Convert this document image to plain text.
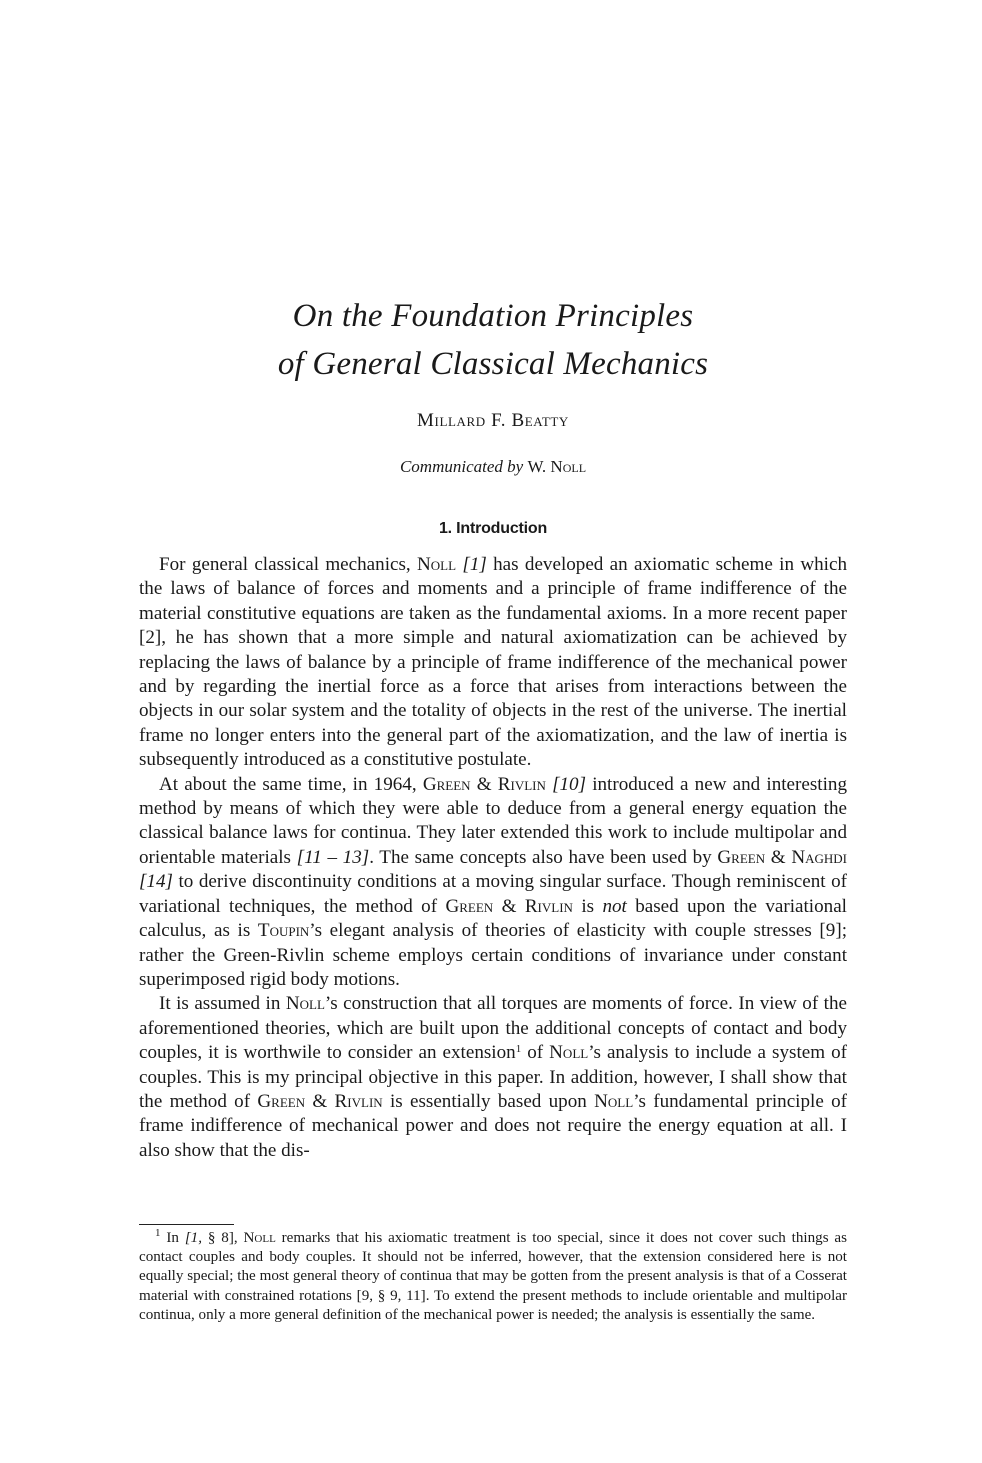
On the Foundation Principles
of General Classical Mechanics
Millard F. Beatty
Communicated by W. Noll
1. Introduction

For general classical mechanics, Noll [1] has developed an axiomatic scheme in which the laws of balance of forces and moments and a principle of frame indifference of the material constitutive equations are taken as the fundamental axioms. In a more recent paper [2], he has shown that a more simple and natural axiomatization can be achieved by replacing the laws of balance by a principle of frame indifference of the mechanical power and by regarding the inertial force as a force that arises from interactions between the objects in our solar system and the totality of objects in the rest of the universe. The inertial frame no longer enters into the general part of the axiomatization, and the law of inertia is subsequently introduced as a constitutive postulate.

At about the same time, in 1964, Green & Rivlin [10] introduced a new and interesting method by means of which they were able to deduce from a general energy equation the classical balance laws for continua. They later extended this work to include multipolar and orientable materials [11 – 13]. The same concepts also have been used by Green & Naghdi [14] to derive discontinuity conditions at a moving singular surface. Though reminiscent of variational techniques, the method of Green & Rivlin is not based upon the variational calculus, as is Toupin’s elegant analysis of theories of elasticity with couple stresses [9]; rather the Green-Rivlin scheme employs certain conditions of invariance under constant superimposed rigid body motions.

It is assumed in Noll’s construction that all torques are moments of force. In view of the aforementioned theories, which are built upon the additional concepts of contact and body couples, it is worthwile to consider an extension$^1$ of Noll’s analysis to include a system of couples. This is my principal objective in this paper. In addition, however, I shall show that the method of Green & Rivlin is essentially based upon Noll’s fundamental principle of frame indifference of mechanical power and does not require the energy equation at all. I also show that the dis-

$^1$ In [1, § 8], Noll remarks that his axiomatic treatment is too special, since it does not cover such things as contact couples and body couples. It should not be inferred, however, that the extension considered here is not equally special; the most general theory of continua that may be gotten from the present analysis is that of a Cosserat material with constrained rotations [9, § 9, 11]. To extend the present methods to include orientable and multipolar continua, only a more general definition of the mechanical power is needed; the analysis is essentially the same.
